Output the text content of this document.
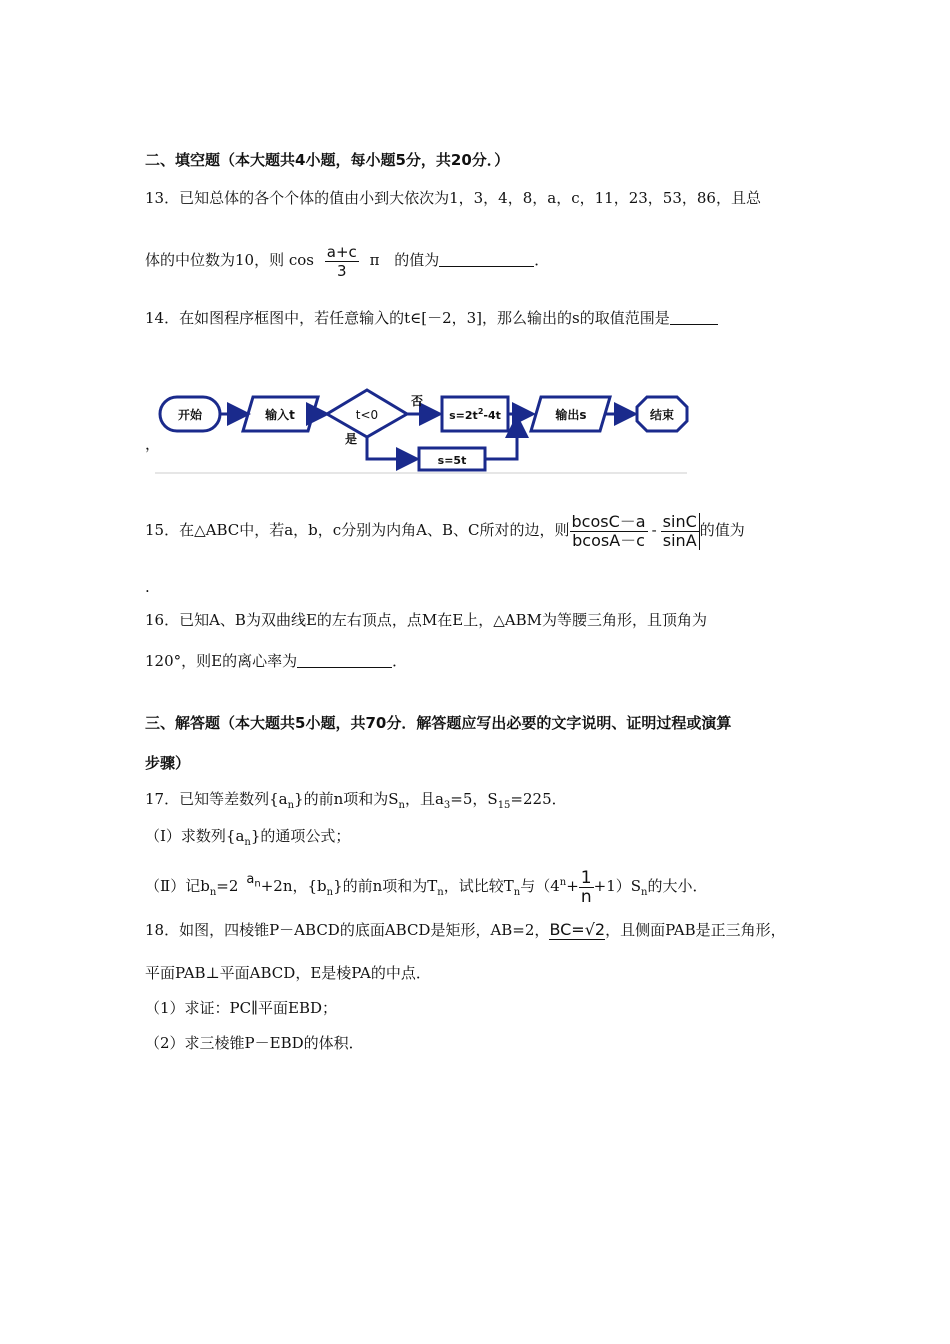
二、填空题（本大题共4小题，每小题5分，共20分．）
13．已知总体的各个个体的值由小到大依次为1，3，4，8，a，c，11，23，53，86，且总
体的中位数为10，则 $\cos \frac{a+c}{3}$ π 的值为	．
14．在如图程序框图中，若任意输入的t∈[－2，3]，那么输出的s的取值范围是
，
开始	输入t	t<0
否
是
$s=2t^2-4t$
s=5t
输出s	结束
15．在△ABC中，若a，b，c分别为内角A、B、C所对的边，则 $\frac{bcosC-a}{bcosA-c} - \frac{\sin C}{\sin A}$ 的值为
.
16．已知A、B为双曲线E的左右顶点，点M在E上，△ABM为等腰三角形，且顶角为
120°，则E的离心率为	．
三、解答题（本大题共5小题，共70分．解答题应写出必要的文字说明、证明过程或演算
步骤）
17．已知等差数列$\{a_n\}$的前n项和为$S_n$，且$a_3=5$，$S_{15}=225$．
（Ⅰ）求数列$\{a_n\}$的通项公式；
（Ⅱ）记$b_n=2$ $a_n+2n$，$\{b_n\}$的前n项和为$T_n$，试比较$T_n$与$(4^n+ \frac{1}{n} +1)S_n$的大小．
18．如图，四棱锥P－ABCD的底面ABCD是矩形，AB=2，BC=√2，且侧面PAB是正三角形，
平面PAB⊥平面ABCD，E是棱PA的中点．
（1）求证：PC∥平面EBD；
（2）求三棱锥P－EBD的体积．
